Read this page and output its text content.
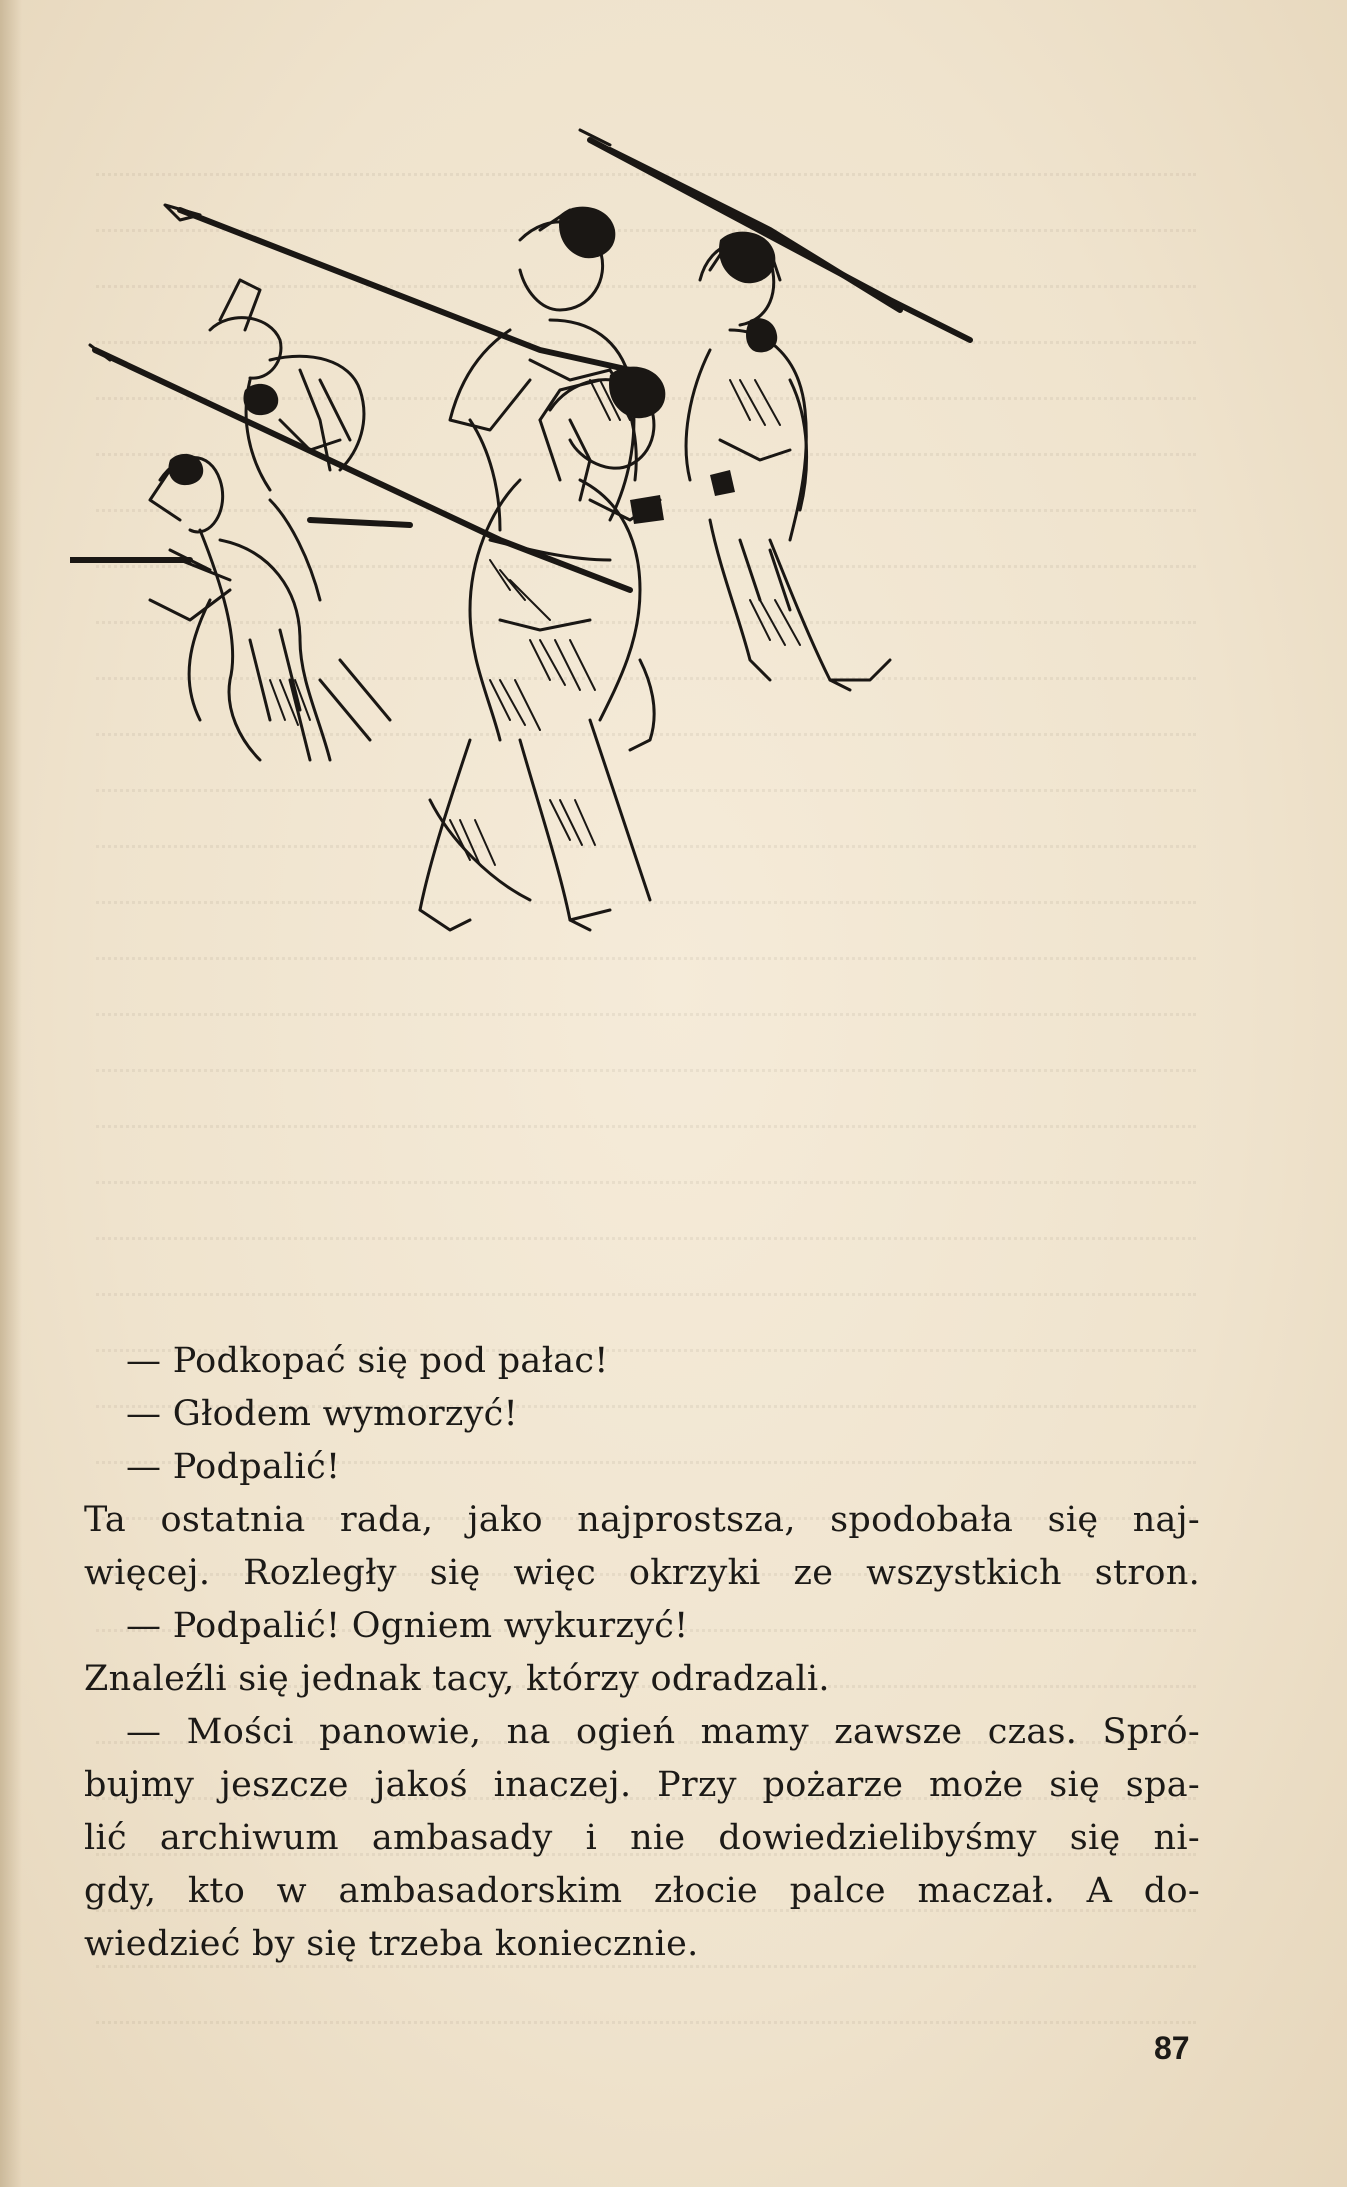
— Podkopać się pod pałac!
— Głodem wymorzyć!
— Podpalić!
Ta ostatnia rada, jako najprostsza, spodobała się naj-
więcej. Rozległy się więc okrzyki ze wszystkich stron.
— Podpalić! Ogniem wykurzyć!
Znaleźli się jednak tacy, którzy odradzali.
— Mości panowie, na ogień mamy zawsze czas. Spró-
bujmy jeszcze jakoś inaczej. Przy pożarze może się spa-
lić archiwum ambasady i nie dowiedzielibyśmy się ni-
gdy, kto w ambasadorskim złocie palce maczał. A do-
wiedzieć by się trzeba koniecznie.
87
